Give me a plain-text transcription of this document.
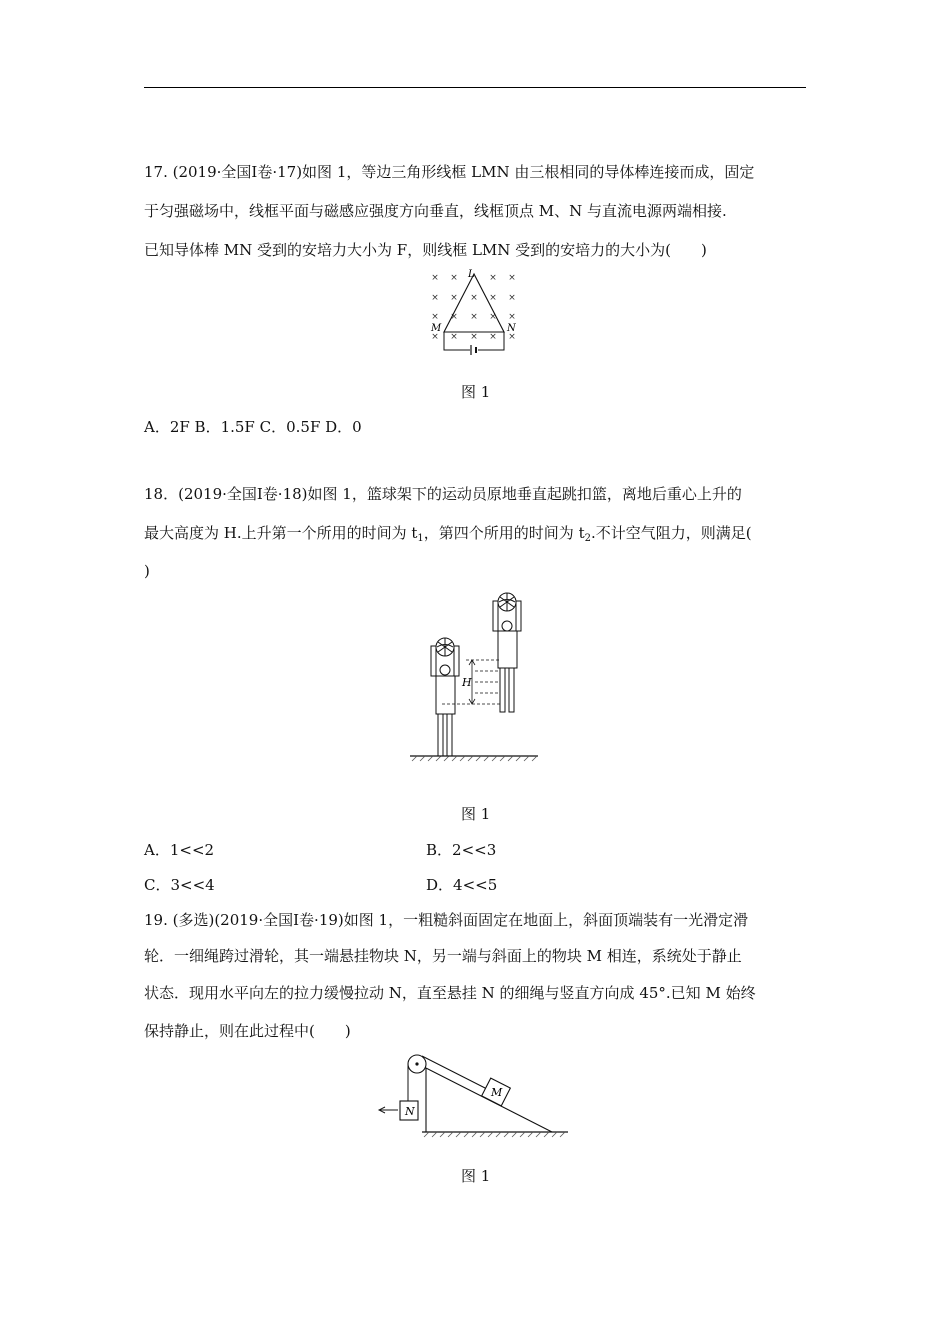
17. (2019·全国Ⅰ卷·17)如图 1，等边三角形线框 LMN 由三根相同的导体棒连接而成，固定
于匀强磁场中，线框平面与磁感应强度方向垂直，线框顶点 M、N 与直流电源两端相接.
已知导体棒 MN 受到的安培力大小为 F，则线框 LMN 受到的安培力的大小为(　　)
× ×	× ×
× × × × ×
× × × × ×
× × × × ×
L
M	N
图 1
A．2F B．1.5F C．0.5F D．0
18．(2019·全国Ⅰ卷·18)如图 1，篮球架下的运动员原地垂直起跳扣篮，离地后重心上升的
最大高度为 H.上升第一个所用的时间为 $t_1$，第四个所用的时间为 $t_2$.不计空气阻力，则满足(
)
H
图 1
A．1<<2	B．2<<3
C．3<<4	D．4<<5
19. (多选)(2019·全国Ⅰ卷·19)如图 1，一粗糙斜面固定在地面上，斜面顶端装有一光滑定滑
轮．一细绳跨过滑轮，其一端悬挂物块 N，另一端与斜面上的物块 M 相连，系统处于静止
状态．现用水平向左的拉力缓慢拉动 N，直至悬挂 N 的细绳与竖直方向成 45°.已知 M 始终
保持静止，则在此过程中(　　)
M
N
图 1
